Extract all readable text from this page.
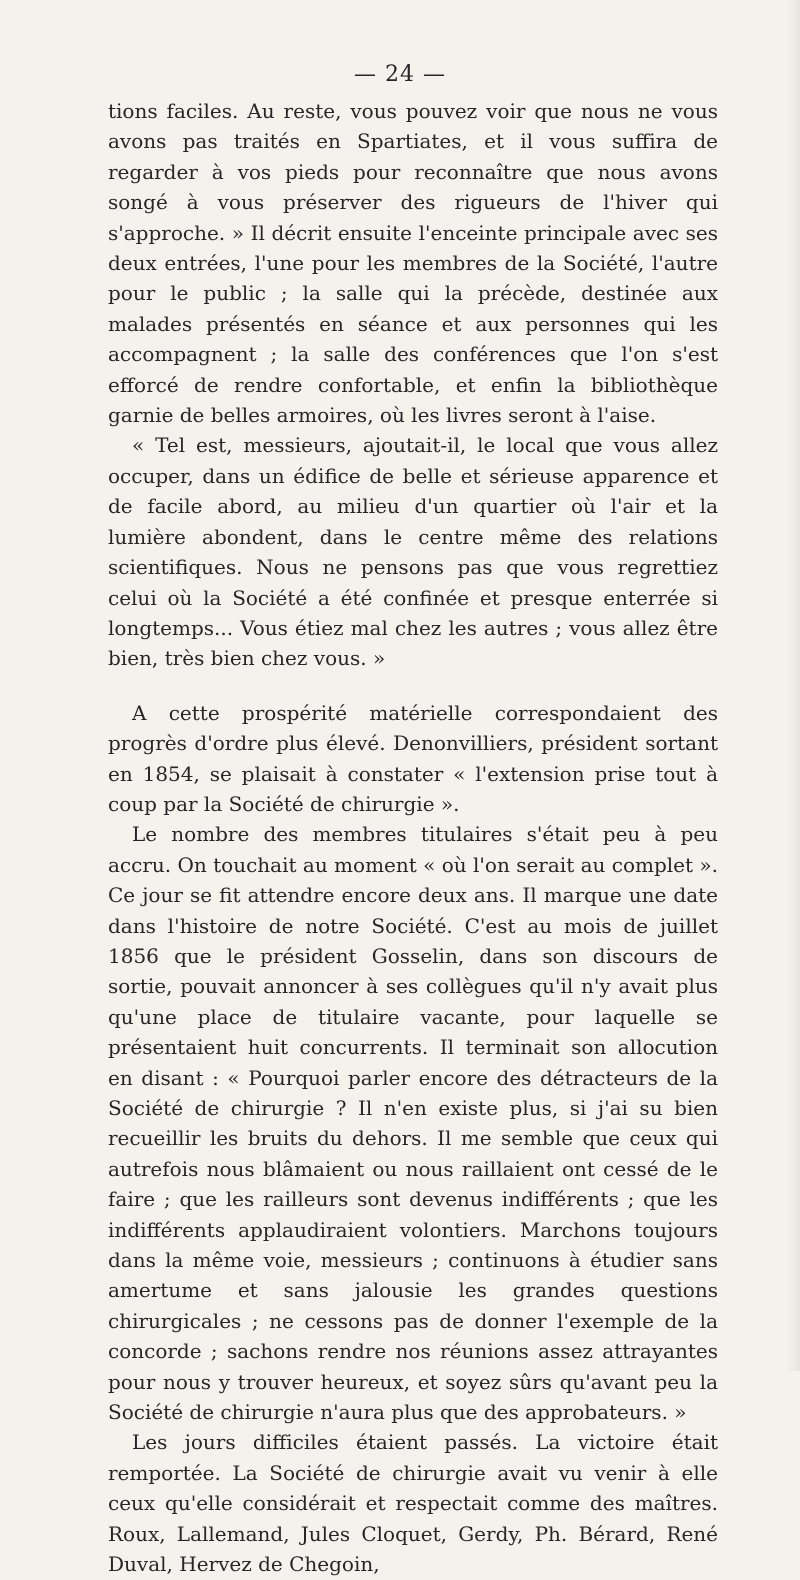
— 24 —

tions faciles. Au reste, vous pouvez voir que nous ne vous avons pas traités en Spartiates, et il vous suffira de regarder à vos pieds pour reconnaître que nous avons songé à vous préserver des rigueurs de l'hiver qui s'approche. » Il décrit ensuite l'enceinte principale avec ses deux entrées, l'une pour les membres de la Société, l'autre pour le public ; la salle qui la précède, destinée aux malades présentés en séance et aux personnes qui les accompagnent ; la salle des conférences que l'on s'est efforcé de rendre confortable, et enfin la bibliothèque garnie de belles armoires, où les livres seront à l'aise.

« Tel est, messieurs, ajoutait-il, le local que vous allez occuper, dans un édifice de belle et sérieuse apparence et de facile abord, au milieu d'un quartier où l'air et la lumière abondent, dans le centre même des relations scientifiques. Nous ne pensons pas que vous regrettiez celui où la Société a été confinée et presque enterrée si longtemps... Vous étiez mal chez les autres ; vous allez être bien, très bien chez vous. »

A cette prospérité matérielle correspondaient des progrès d'ordre plus élevé. Denonvilliers, président sortant en 1854, se plaisait à constater « l'extension prise tout à coup par la Société de chirurgie ».

Le nombre des membres titulaires s'était peu à peu accru. On touchait au moment « où l'on serait au complet ». Ce jour se fit attendre encore deux ans. Il marque une date dans l'histoire de notre Société. C'est au mois de juillet 1856 que le président Gosselin, dans son discours de sortie, pouvait annoncer à ses collègues qu'il n'y avait plus qu'une place de titulaire vacante, pour laquelle se présentaient huit concurrents. Il terminait son allocution en disant : « Pourquoi parler encore des détracteurs de la Société de chirurgie ? Il n'en existe plus, si j'ai su bien recueillir les bruits du dehors. Il me semble que ceux qui autrefois nous blâmaient ou nous raillaient ont cessé de le faire ; que les railleurs sont devenus indifférents ; que les indifférents applaudiraient volontiers. Marchons toujours dans la même voie, messieurs ; continuons à étudier sans amertume et sans jalousie les grandes questions chirurgicales ; ne cessons pas de donner l'exemple de la concorde ; sachons rendre nos réunions assez attrayantes pour nous y trouver heureux, et soyez sûrs qu'avant peu la Société de chirurgie n'aura plus que des approbateurs. »

Les jours difficiles étaient passés. La victoire était remportée. La Société de chirurgie avait vu venir à elle ceux qu'elle considérait et respectait comme des maîtres. Roux, Lallemand, Jules Cloquet, Gerdy, Ph. Bérard, René Duval, Hervez de Chegoin,
